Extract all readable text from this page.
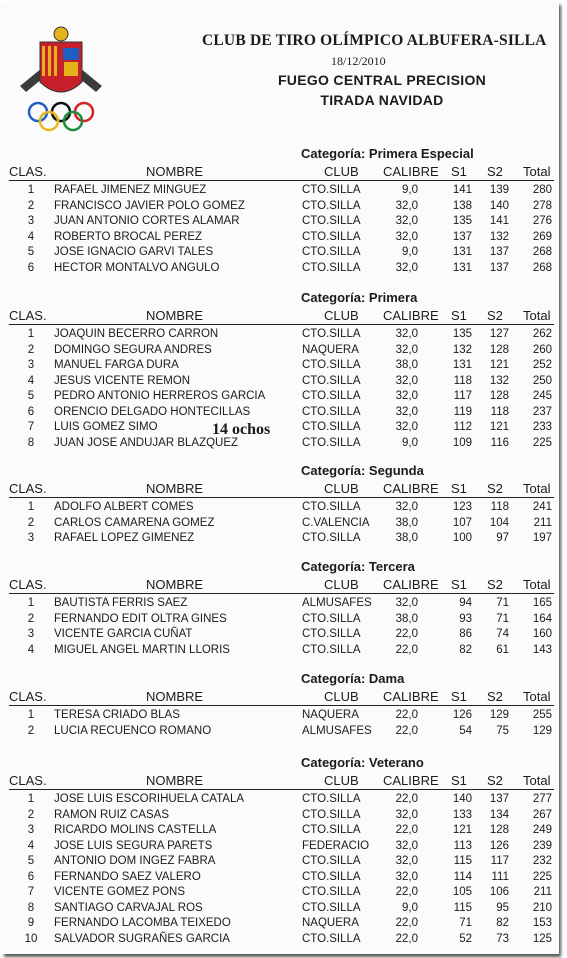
CLUB DE TIRO OLÍMPICO ALBUFERA-SILLA
18/12/2010
FUEGO CENTRAL PRECISION
TIRADA NAVIDAD
Categoría: Primera Especial
CLAS.	NOMBRE	CLUB CALIBRE S1 S2 Total
1	RAFAEL JIMENEZ MINGUEZ	CTO.SILLA	9,0	141	139	280
2	FRANCISCO JAVIER POLO GOMEZ	CTO.SILLA	32,0	138	140	278
3	JUAN ANTONIO CORTES ALAMAR	CTO.SILLA	32,0	135	141	276
4	ROBERTO BROCAL PEREZ	CTO.SILLA	32,0	137	132	269
5	JOSE IGNACIO GARVI TALES	CTO.SILLA	9,0	131	137	268
6	HECTOR MONTALVO ANGULO	CTO.SILLA	32,0	131	137	268
Categoría: Primera
CLAS.	NOMBRE	CLUB CALIBRE S1 S2 Total
1	JOAQUIN BECERRO CARRON	CTO.SILLA	32,0	135	127	262
2	DOMINGO SEGURA ANDRES	NAQUERA	32,0	132	128	260
3	MANUEL FARGA DURA	CTO.SILLA	38,0	131	121	252
4	JESUS VICENTE REMON	CTO.SILLA	32,0	118	132	250
5	PEDRO ANTONIO HERREROS GARCIA	CTO.SILLA	32,0	117	128	245
6	ORENCIO DELGADO HONTECILLAS	CTO.SILLA	32,0	119	118	237
7	LUIS GOMEZ SIMO	CTO.SILLA	32,0	112	121	233
14 ochos
8	JUAN JOSE ANDUJAR BLAZQUEZ	CTO.SILLA	9,0	109	116	225
Categoría: Segunda
CLAS.	NOMBRE	CLUB CALIBRE S1 S2 Total
1	ADOLFO ALBERT COMES	CTO.SILLA	32,0	123	118	241
2	CARLOS CAMARENA GOMEZ	C.VALENCIA	38,0	107	104	211
3	RAFAEL LOPEZ GIMENEZ	CTO.SILLA	38,0	100	97	197
Categoría: Tercera
CLAS.	NOMBRE	CLUB CALIBRE S1 S2 Total
1	BAUTISTA FERRIS SAEZ	ALMUSAFES	32,0	94	71	165
2	FERNANDO EDIT OLTRA GINES	CTO.SILLA	38,0	93	71	164
3	VICENTE GARCIA CUÑAT	CTO.SILLA	22,0	86	74	160
4	MIGUEL ANGEL MARTIN LLORIS	CTO.SILLA	22,0	82	61	143
Categoría: Dama
CLAS.	NOMBRE	CLUB CALIBRE S1 S2 Total
1	TERESA CRIADO BLAS	NAQUERA	22,0	126	129	255
2	LUCIA RECUENCO ROMANO	ALMUSAFES	22,0	54	75	129
Categoría: Veterano
CLAS.	NOMBRE	CLUB CALIBRE S1 S2 Total
1	JOSE LUIS ESCORIHUELA CATALA	CTO.SILLA	22,0	140	137	277
2	RAMON RUIZ CASAS	CTO.SILLA	32,0	133	134	267
3	RICARDO MOLINS CASTELLA	CTO.SILLA	22,0	121	128	249
4	JOSE LUIS SEGURA PARETS	FEDERACIO	32,0	113	126	239
5	ANTONIO DOM INGEZ FABRA	CTO.SILLA	32,0	115	117	232
6	FERNANDO SAEZ VALERO	CTO.SILLA	32,0	114	111	225
7	VICENTE GOMEZ PONS	CTO.SILLA	22,0	105	106	211
8	SANTIAGO CARVAJAL ROS	CTO.SILLA	9,0	115	95	210
9	FERNANDO LACOMBA TEIXEDO	NAQUERA	22,0	71	82	153
10 SALVADOR SUGRAÑES GARCIA	CTO.SILLA	22,0	52	73	125
